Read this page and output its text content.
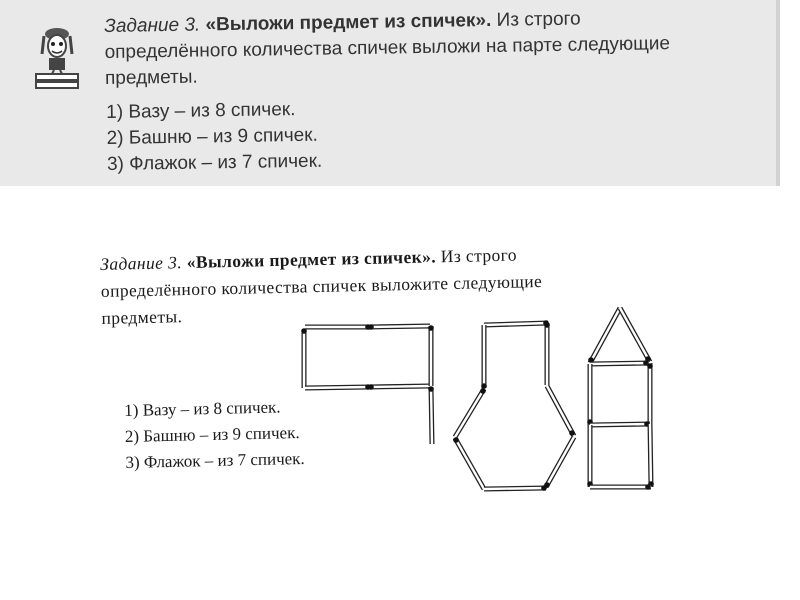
Задание 3. «Выложи предмет из спичек». Из строго
определённого количества спичек выложи на парте следующие
предметы.
1) Вазу – из 8 спичек.
2) Башню – из 9 спичек.
3) Флажок – из 7 спичек.
Задание 3. «Выложи предмет из спичек». Из строго
определённого количества спичек выложите следующие
предметы.
1) Вазу – из 8 спичек.
2) Башню – из 9 спичек.
3) Флажок – из 7 спичек.
